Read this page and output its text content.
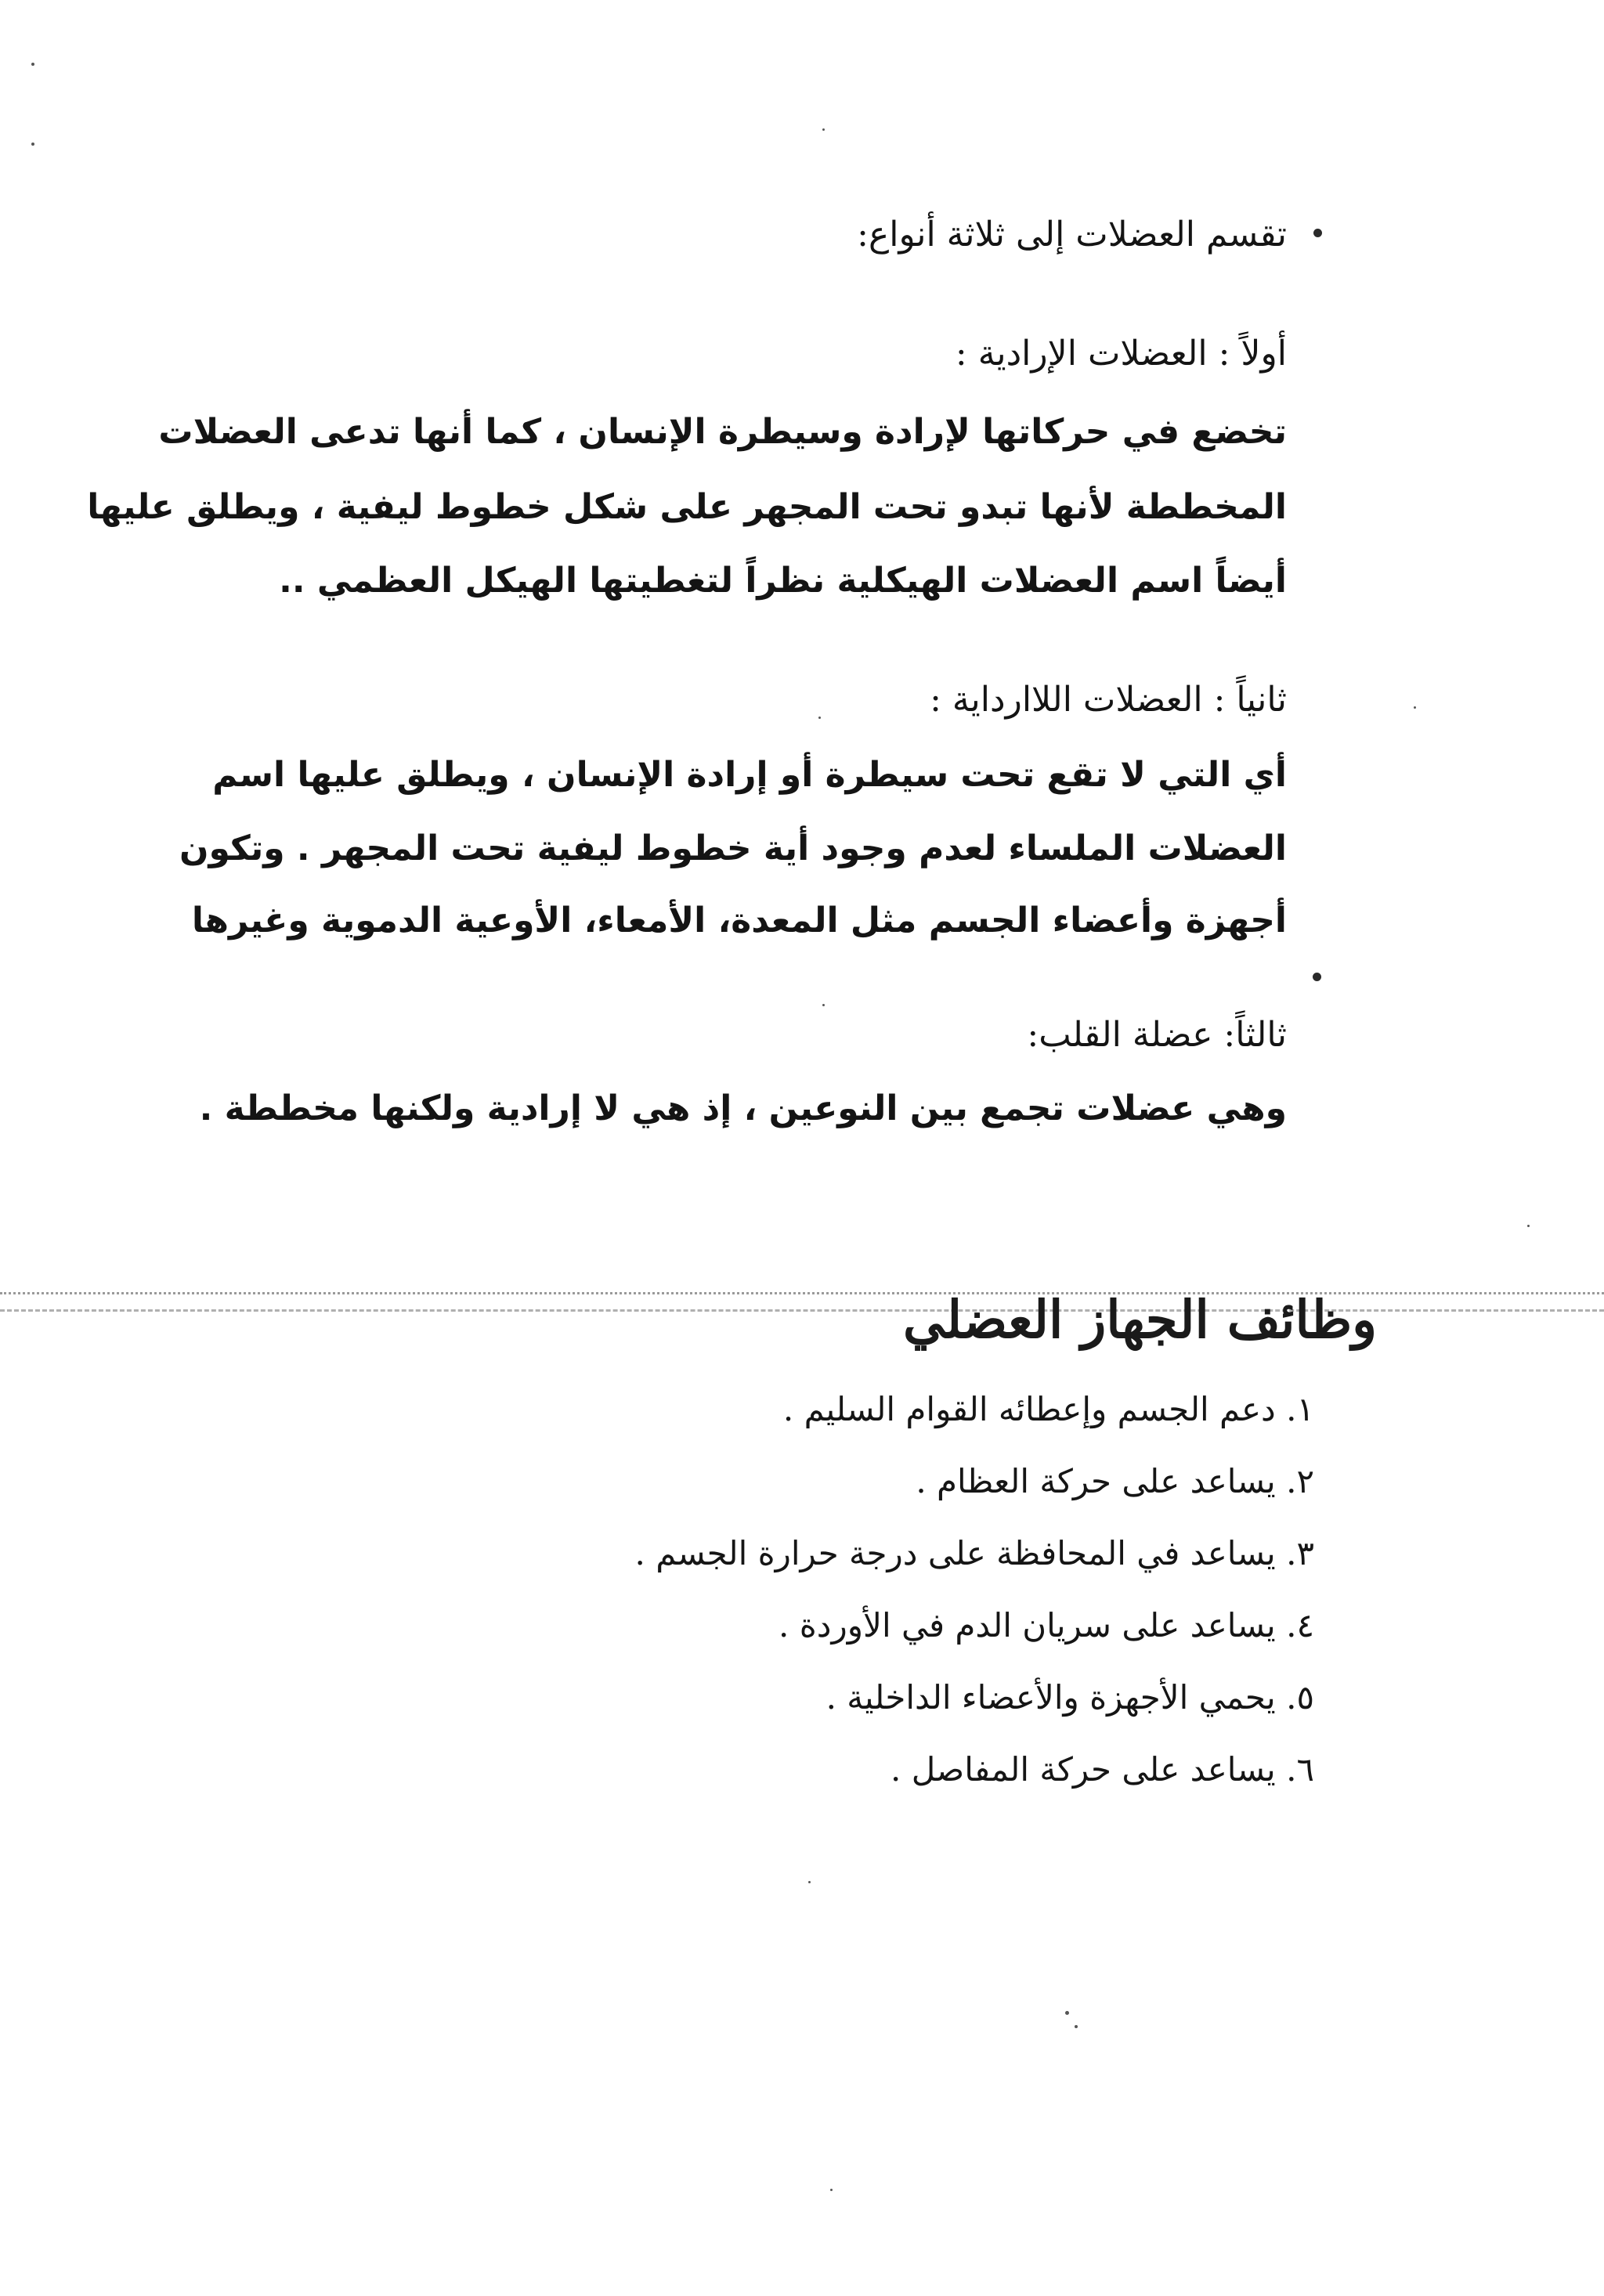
تقسم العضلات إلى ثلاثة أنواع:
أولاً : العضلات الإرادية :
تخضع في حركاتها لإرادة وسيطرة الإنسان ، كما أنها تدعى العضلات
المخططة لأنها تبدو تحت المجهر على شكل خطوط ليفية ، ويطلق عليها
أيضاً اسم العضلات الهيكلية نظراً لتغطيتها الهيكل العظمي ..
ثانياً : العضلات اللاارداية :
أي التي لا تقع تحت سيطرة أو إرادة الإنسان ، ويطلق عليها اسم
العضلات الملساء لعدم وجود أية خطوط ليفية تحت المجهر . وتكون
أجهزة وأعضاء الجسم مثل المعدة، الأمعاء، الأوعية الدموية وغيرها
ثالثاً: عضلة القلب:
وهي عضلات تجمع بين النوعين ، إذ هي لا إرادية ولكنها مخططة .
وظائف الجهاز العضلي
١. دعم الجسم وإعطائه القوام السليم .
٢. يساعد على حركة العظام .
٣. يساعد في المحافظة على درجة حرارة الجسم .
٤. يساعد على سريان الدم في الأوردة .
٥. يحمي الأجهزة والأعضاء الداخلية .
٦. يساعد على حركة المفاصل .
